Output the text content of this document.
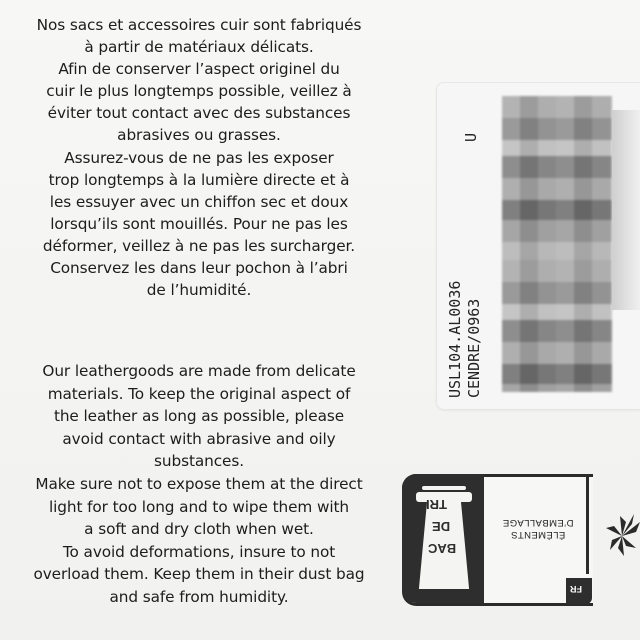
Nos sacs et accessoires cuir sont fabriqués
à partir de matériaux délicats.
Afin de conserver l’aspect originel du
cuir le plus longtemps possible, veillez à
éviter tout contact avec des substances
abrasives ou grasses.
Assurez-vous de ne pas les exposer
trop longtemps à la lumière directe et à
les essuyer avec un chiffon sec et doux
lorsqu’ils sont mouillés. Pour ne pas les
déformer, veillez à ne pas les surcharger.
Conservez les dans leur pochon à l’abri
de l’humidité.
Our leathergoods are made from delicate
materials. To keep the original aspect of
the leather as long as possible, please
avoid contact with abrasive and oily
substances.
Make sure not to expose them at the direct
light for too long and to wipe them with
a soft and dry cloth when wet.
To avoid deformations, insure to not
overload them. Keep them in their dust bag
and safe from humidity.
U
USL104.AL0036 CENDRE/0963
TRI
DE
BAC
ÉLÉMENTS
D’EMBALLAGE
FR
